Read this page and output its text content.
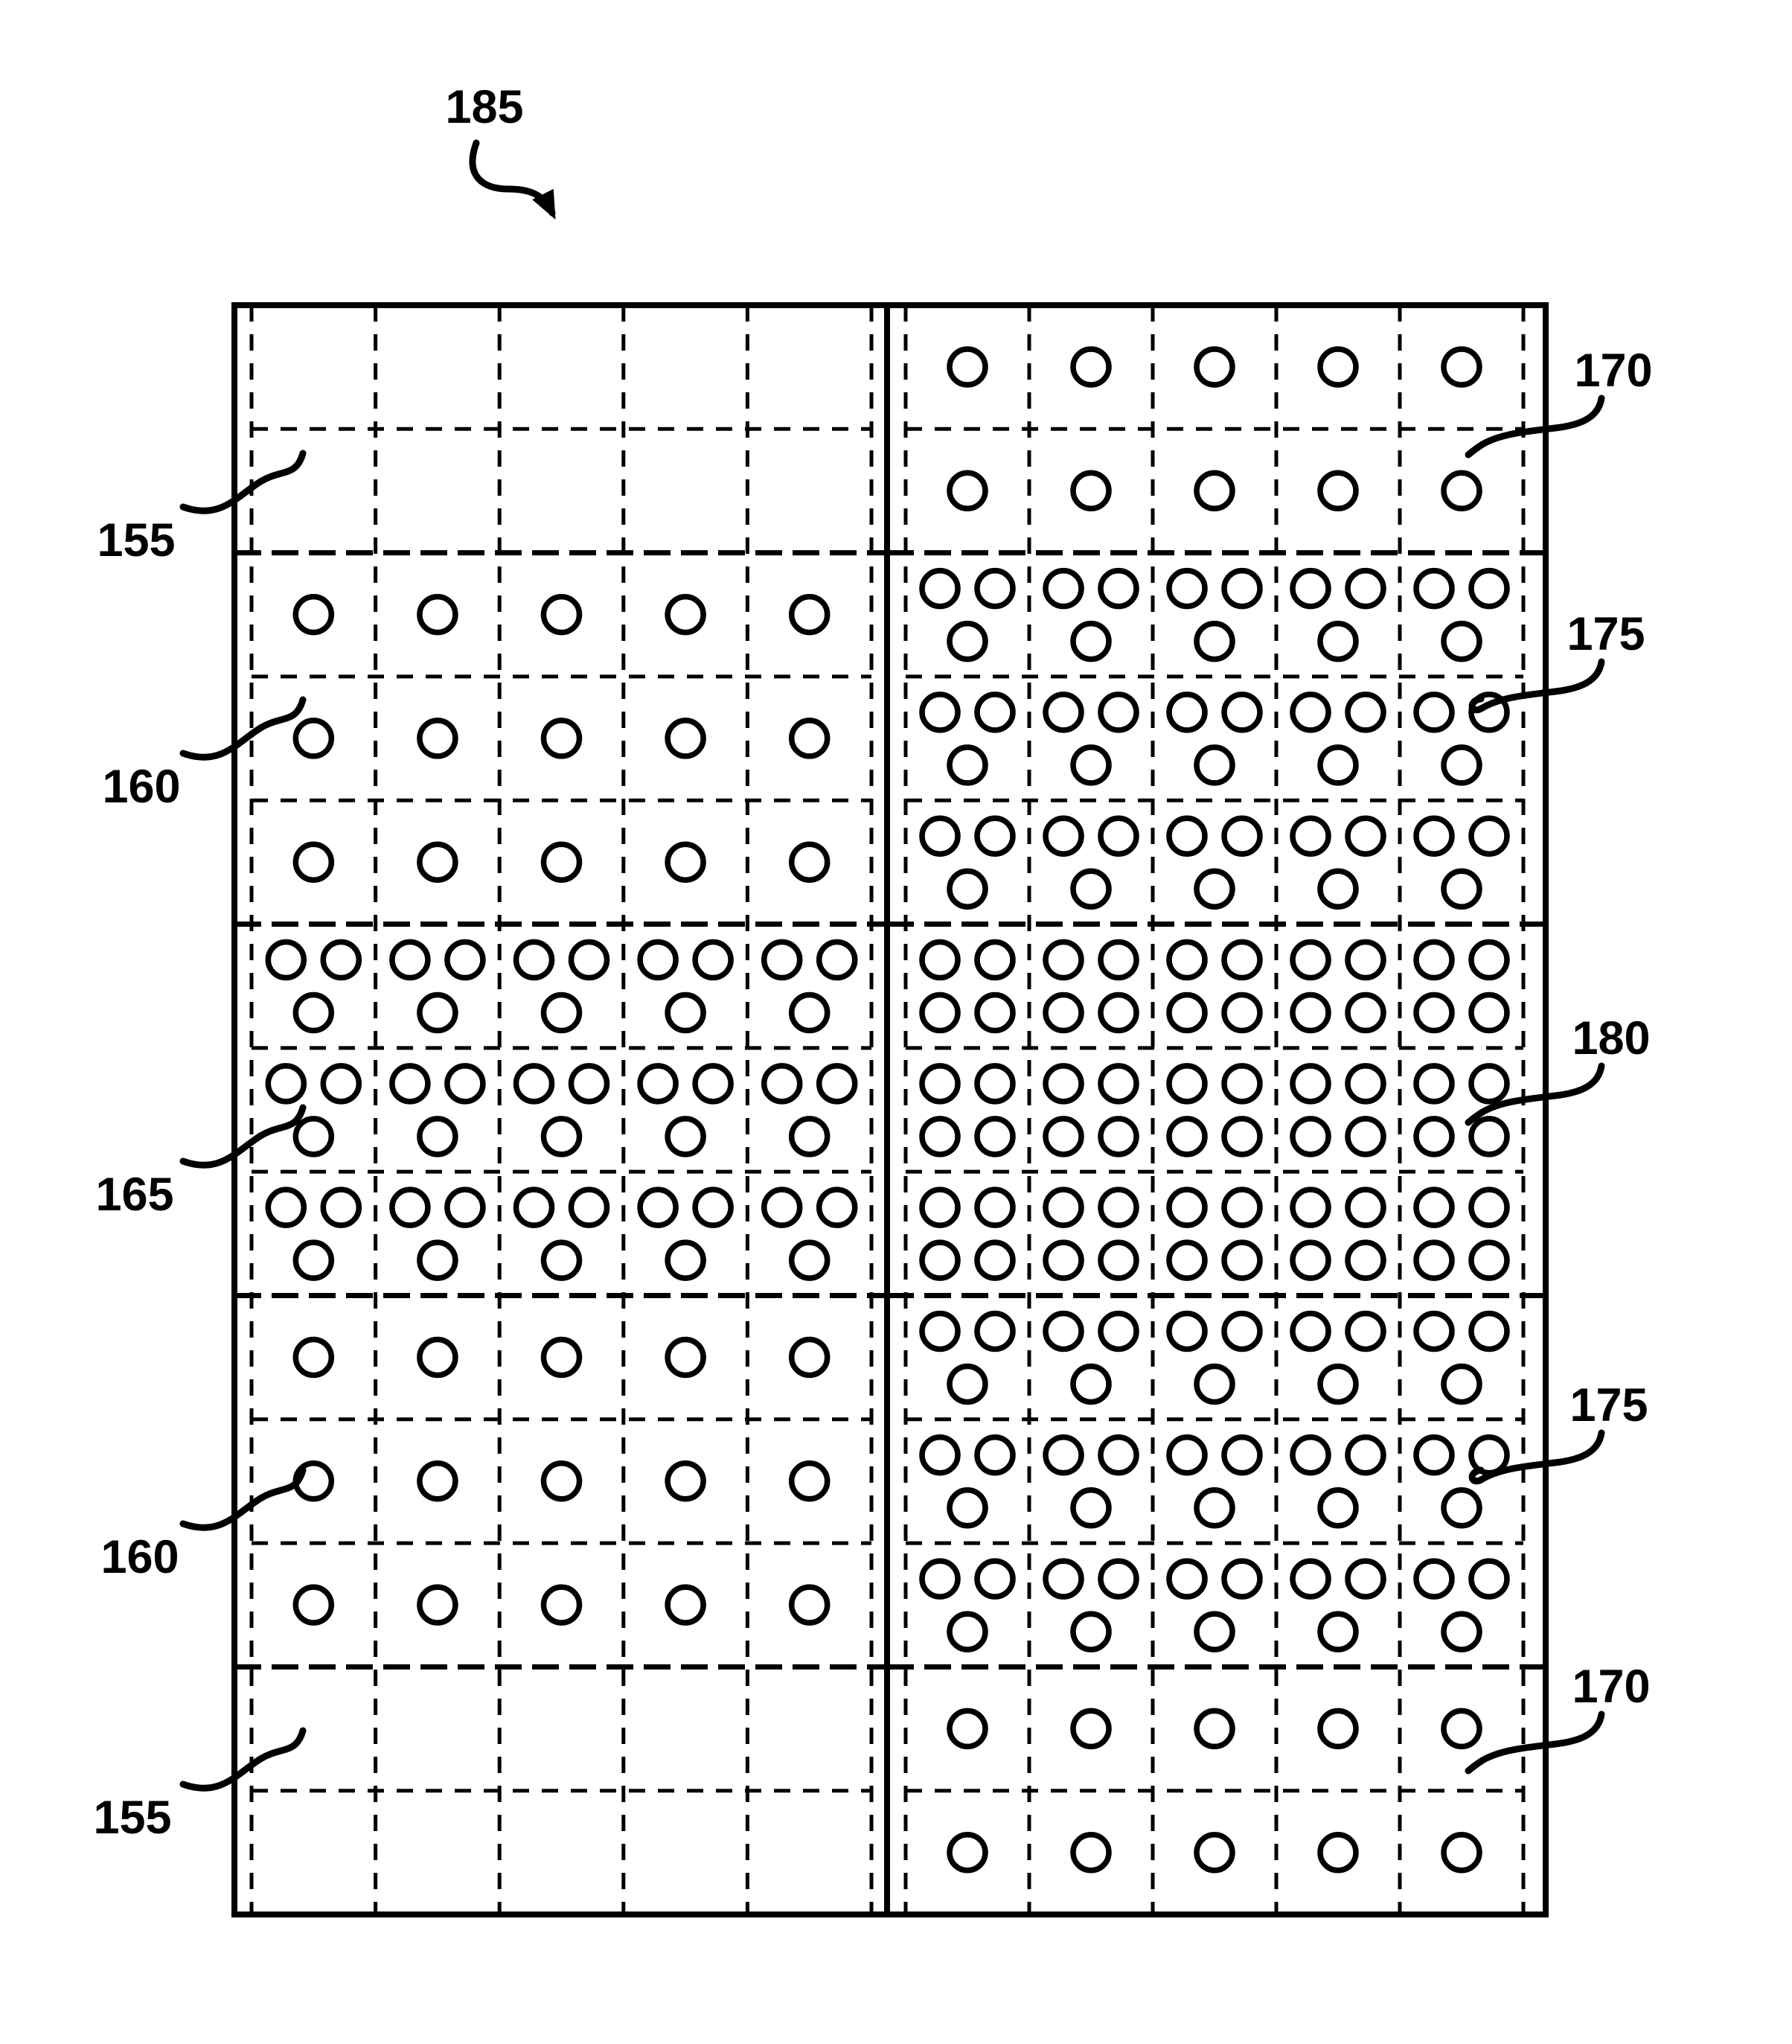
185
155
160
165
160
155
170
175
180
175
170
